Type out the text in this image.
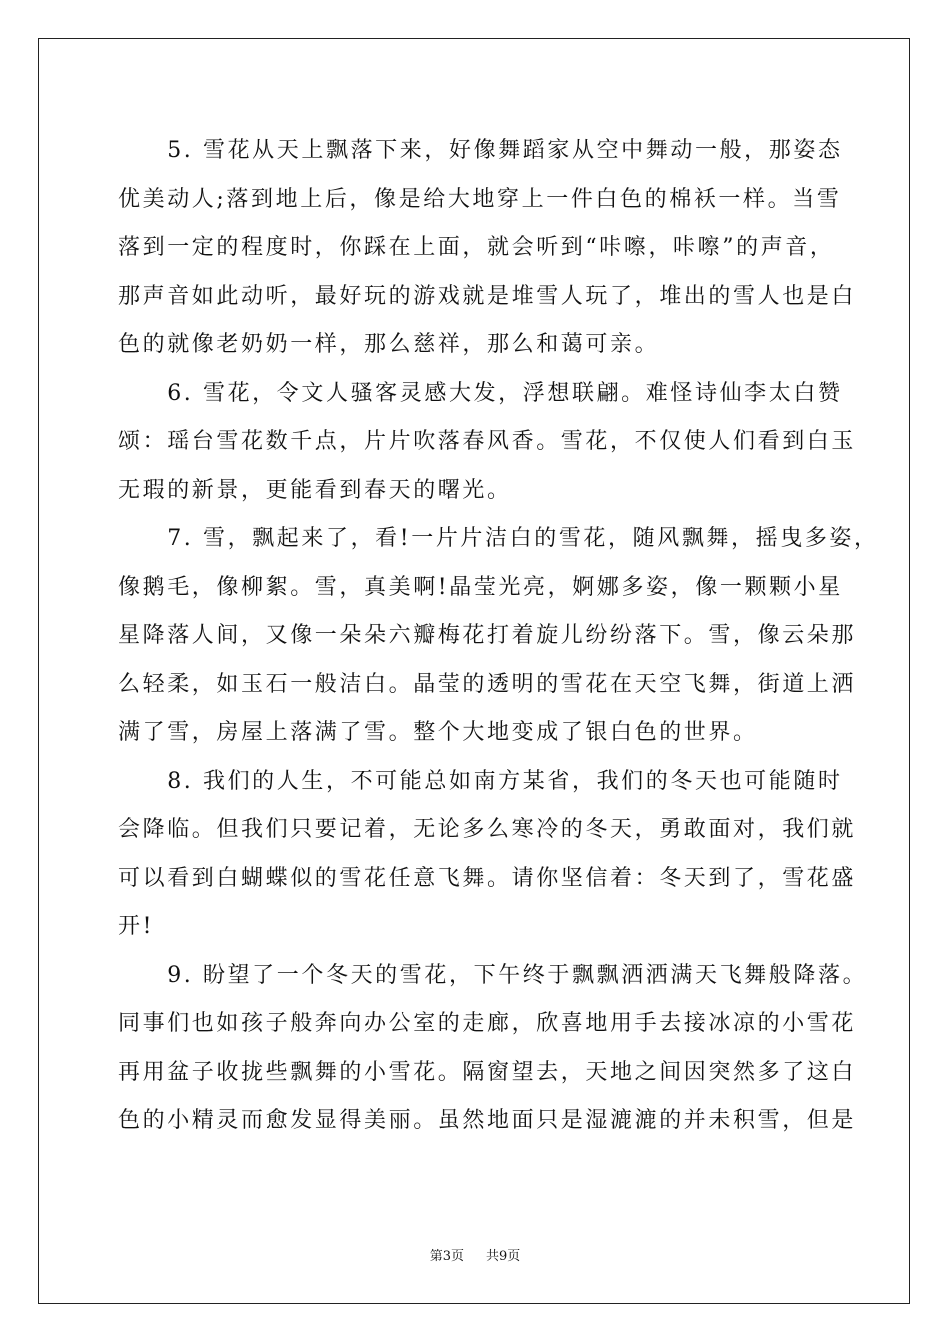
　　5. 雪花从天上飘落下来，好像舞蹈家从空中舞动一般，那姿态
优美动人;落到地上后，像是给大地穿上一件白色的棉袄一样。当雪
落到一定的程度时，你踩在上面，就会听到“咔嚓，咔嚓”的声音，
那声音如此动听，最好玩的游戏就是堆雪人玩了，堆出的雪人也是白
色的就像老奶奶一样，那么慈祥，那么和蔼可亲。
　　6. 雪花，令文人骚客灵感大发，浮想联翩。难怪诗仙李太白赞
颂：瑶台雪花数千点，片片吹落春风香。雪花，不仅使人们看到白玉
无瑕的新景，更能看到春天的曙光。
　　7. 雪，飘起来了，看!一片片洁白的雪花，随风飘舞，摇曳多姿，
像鹅毛，像柳絮。雪，真美啊!晶莹光亮，婀娜多姿，像一颗颗小星
星降落人间，又像一朵朵六瓣梅花打着旋儿纷纷落下。雪，像云朵那
么轻柔，如玉石一般洁白。晶莹的透明的雪花在天空飞舞，街道上洒
满了雪，房屋上落满了雪。整个大地变成了银白色的世界。
　　8. 我们的人生，不可能总如南方某省，我们的冬天也可能随时
会降临。但我们只要记着，无论多么寒冷的冬天，勇敢面对，我们就
可以看到白蝴蝶似的雪花任意飞舞。请你坚信着：冬天到了，雪花盛
开!
　　9. 盼望了一个冬天的雪花，下午终于飘飘洒洒满天飞舞般降落。
同事们也如孩子般奔向办公室的走廊，欣喜地用手去接冰凉的小雪花
再用盆子收拢些飘舞的小雪花。隔窗望去，天地之间因突然多了这白
色的小精灵而愈发显得美丽。虽然地面只是湿漉漉的并未积雪，但是
第3页 共9页
